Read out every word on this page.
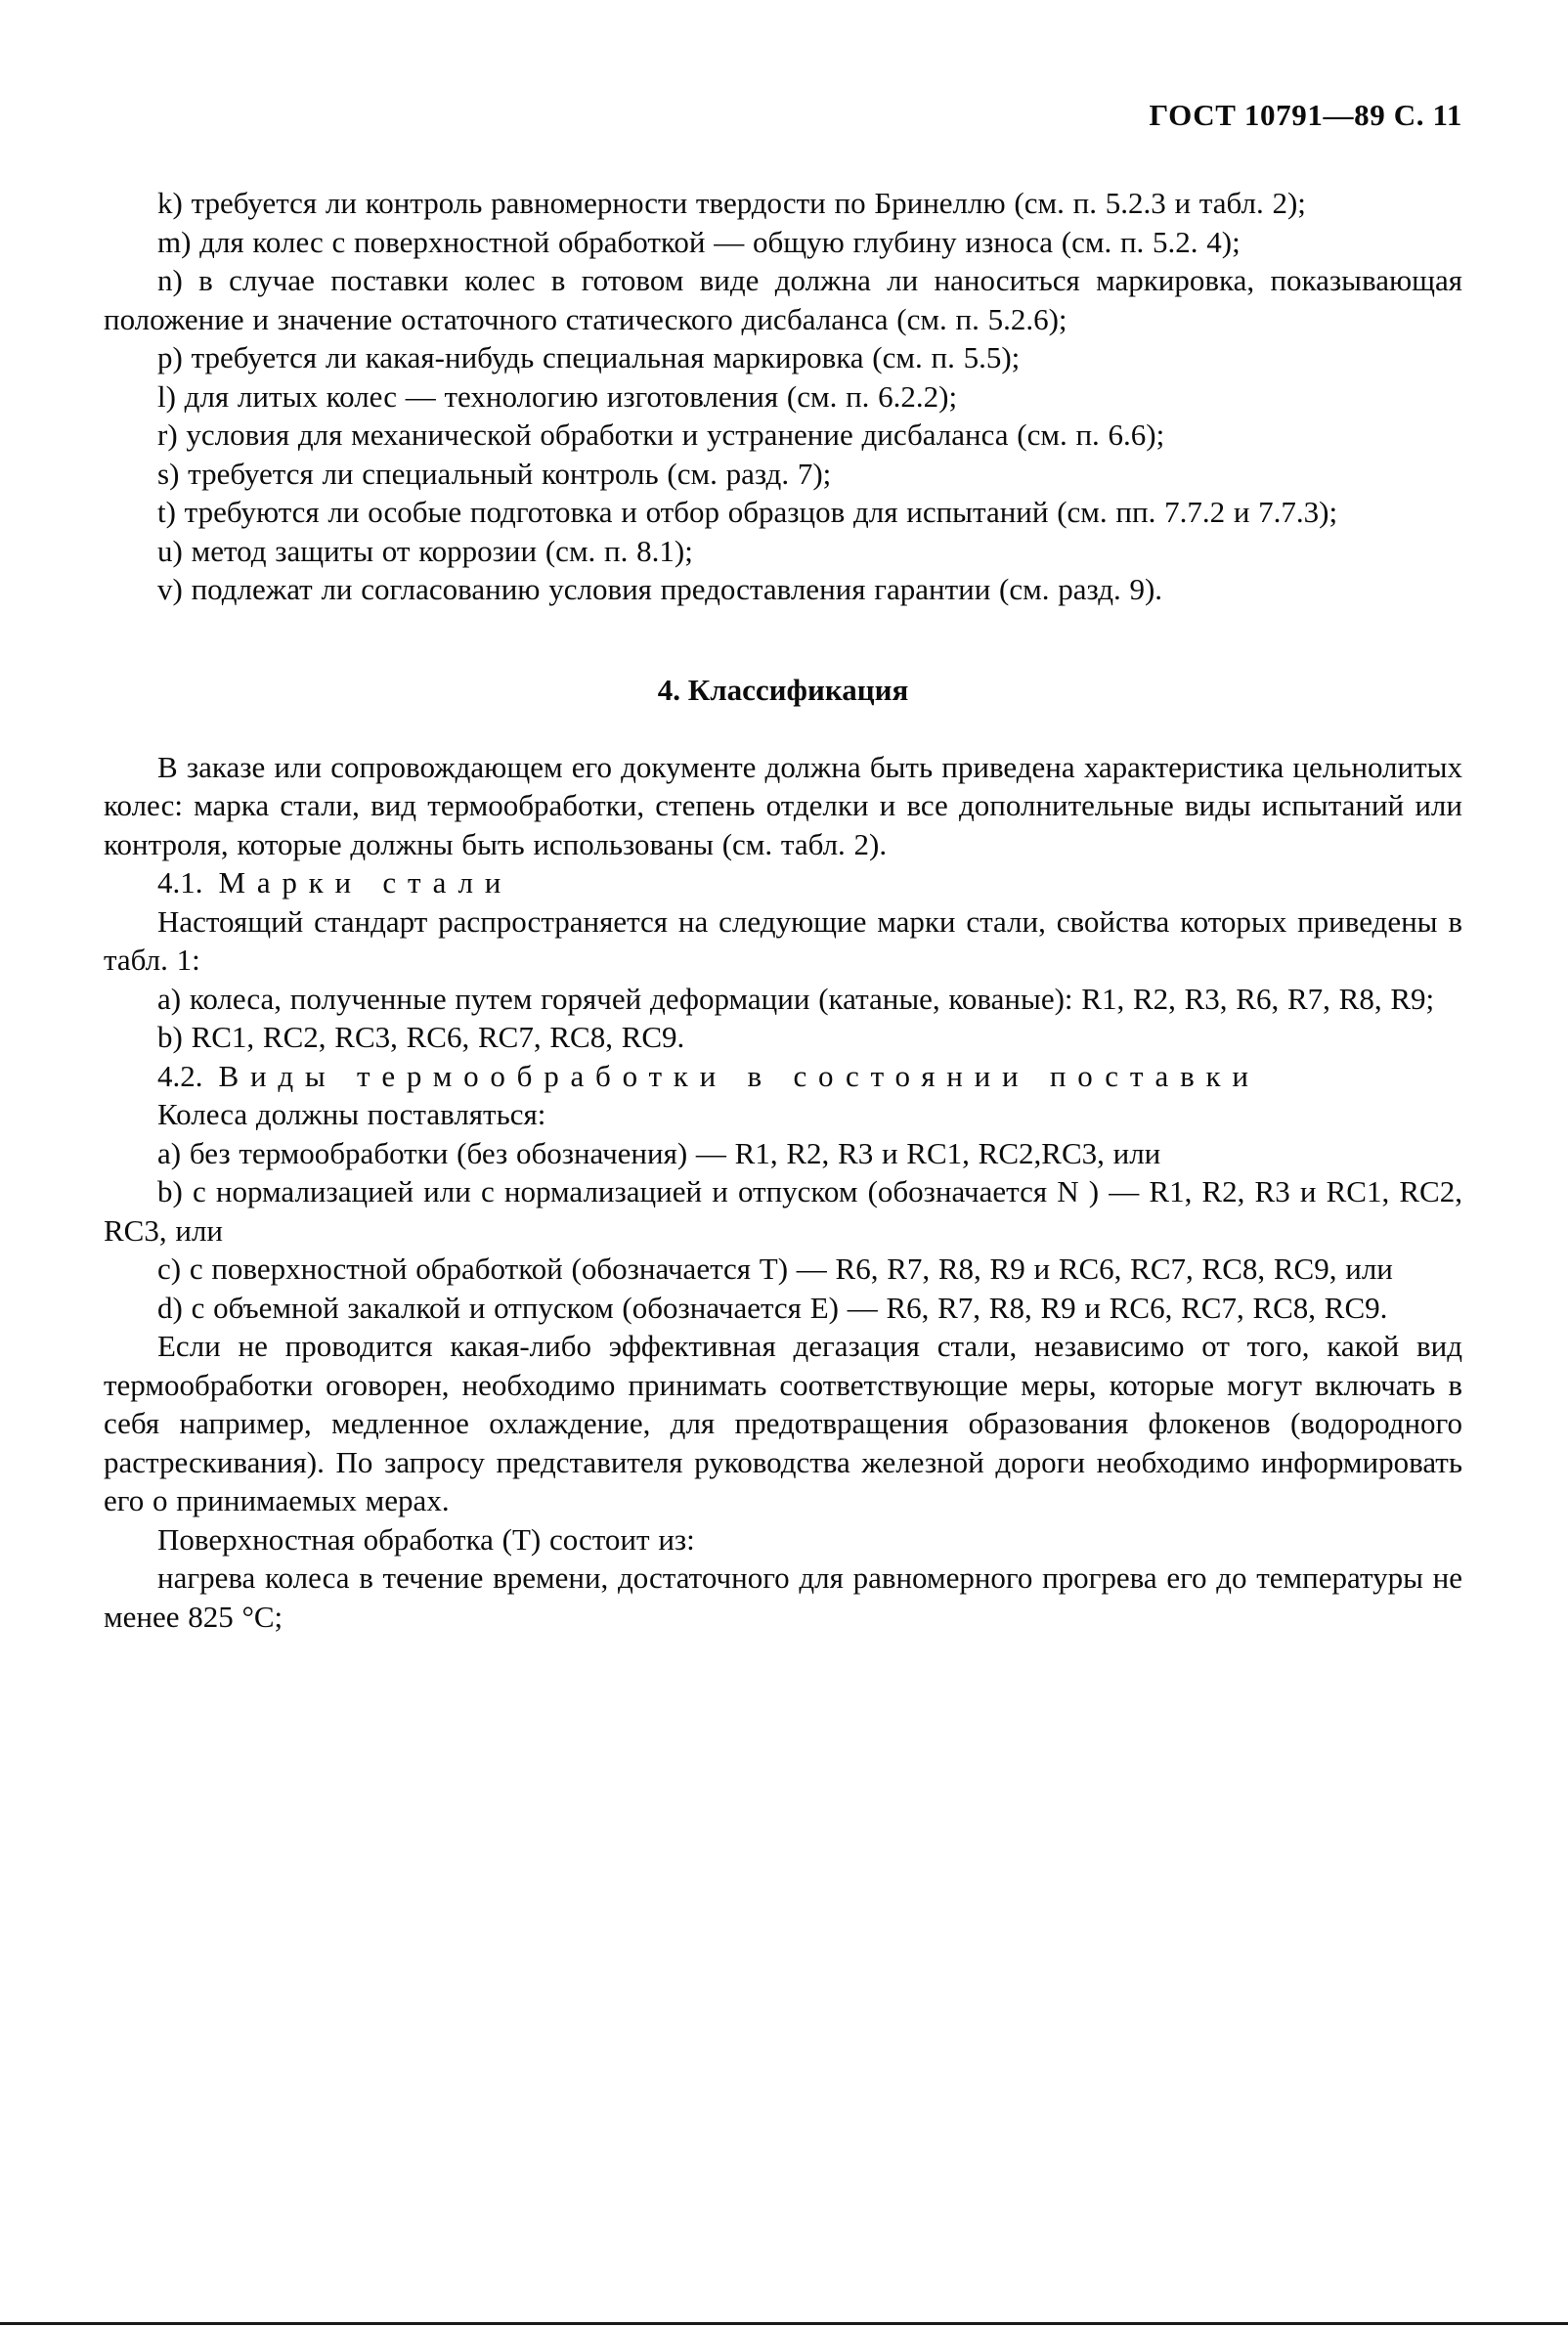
ГОСТ 10791—89 С. 11

k) требуется ли контроль равномерности твердости по Бринеллю (см. п. 5.2.3 и табл. 2);

m) для колес с поверхностной обработкой — общую глубину износа (см. п. 5.2. 4);

n) в случае поставки колес в готовом виде должна ли наноситься маркировка, показывающая положение и значение остаточного статического дисбаланса (см. п. 5.2.6);

p) требуется ли какая-нибудь специальная маркировка (см. п. 5.5);

l) для литых колес — технологию изготовления (см. п. 6.2.2);

r) условия для механической обработки и устранение дисбаланса (см. п. 6.6);

s) требуется ли специальный контроль (см. разд. 7);

t) требуются ли особые подготовка и отбор образцов для испытаний (см. пп. 7.7.2 и 7.7.3);

u) метод защиты от коррозии (см. п. 8.1);

v) подлежат ли согласованию условия предоставления гарантии (см. разд. 9).

4. Классификация

В заказе или сопровождающем его документе должна быть приведена характеристика цельнолитых колес: марка стали, вид термообработки, степень отделки и все дополнительные виды испытаний или контроля, которые должны быть использованы (см. табл. 2).

4.1. Марки стали

Настоящий стандарт распространяется на следующие марки стали, свойства которых приведены в табл. 1:

a) колеса, полученные путем горячей деформации (катаные, кованые): R1, R2, R3, R6, R7, R8, R9;

b) RC1, RC2, RC3, RC6, RC7, RC8, RC9.

4.2. Виды термообработки в состоянии поставки

Колеса должны поставляться:

a) без термообработки (без обозначения) — R1, R2, R3 и RC1, RC2,RC3, или

b) с нормализацией или с нормализацией и отпуском (обозначается N ) — R1, R2, R3 и RC1, RC2, RC3, или

c) с поверхностной обработкой (обозначается Т) — R6, R7, R8, R9 и RC6, RC7, RC8, RC9, или

d) с объемной закалкой и отпуском (обозначается Е) — R6, R7, R8, R9 и RC6, RC7, RC8, RC9.

Если не проводится какая-либо эффективная дегазация стали, независимо от того, какой вид термообработки оговорен, необходимо принимать соответствующие меры, которые могут включать в себя например, медленное охлаждение, для предотвращения образования флокенов (водородного растрескивания). По запросу представителя руководства железной дороги необходимо информировать его о принимаемых мерах.

Поверхностная обработка (Т) состоит из:

нагрева колеса в течение времени, достаточного для равномерного прогрева его до температуры не менее 825 °С;
